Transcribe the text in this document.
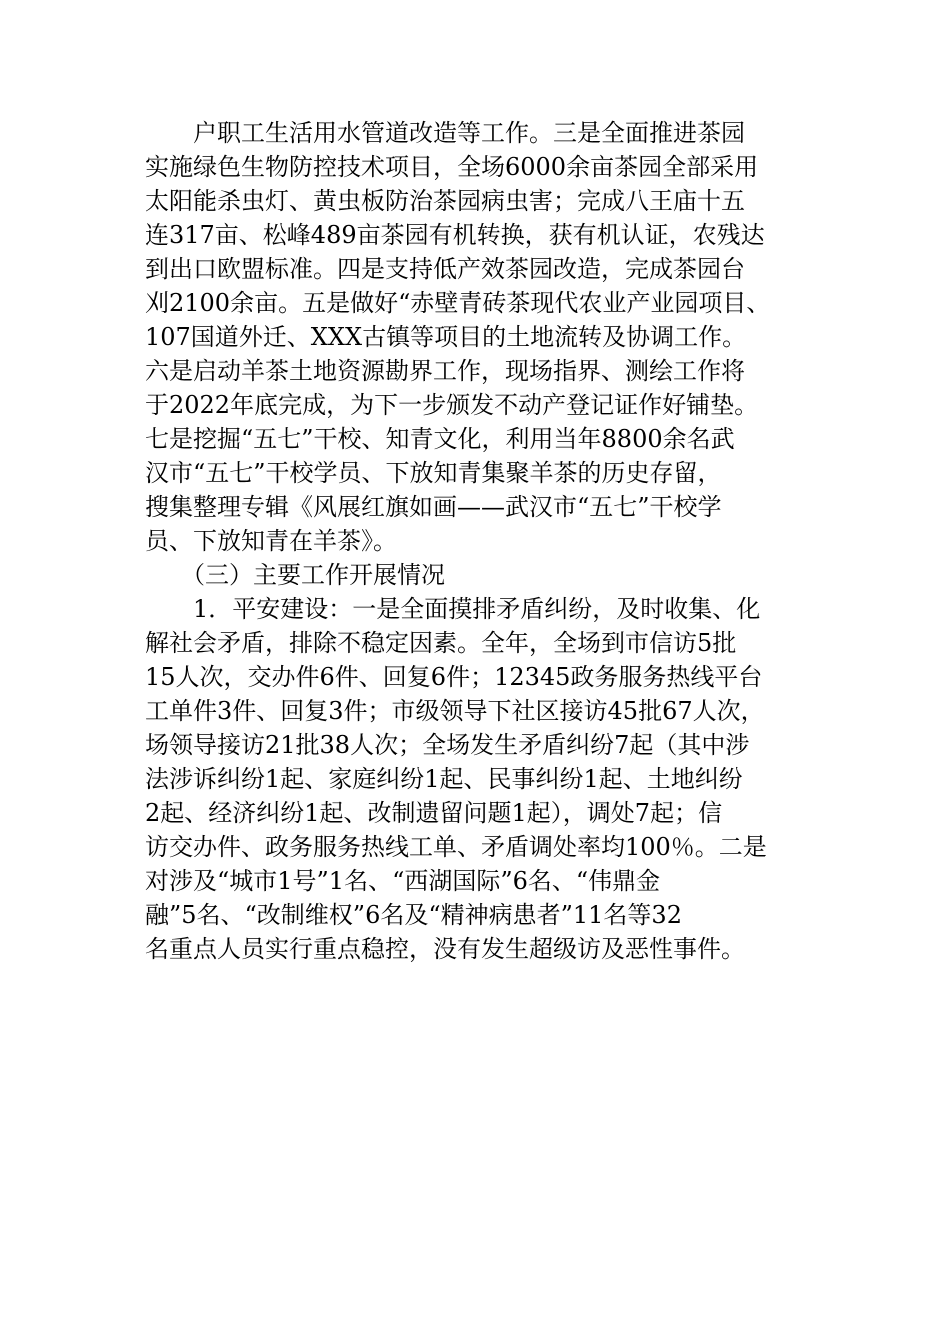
　　户职工生活用水管道改造等工作。三是全面推进茶园
实施绿色生物防控技术项目，全场6000余亩茶园全部采用
太阳能杀虫灯、黄虫板防治茶园病虫害；完成八王庙十五
连317亩、松峰489亩茶园有机转换，获有机认证，农残达
到出口欧盟标准。四是支持低产效茶园改造，完成茶园台
刈2100余亩。五是做好“赤壁青砖茶现代农业产业园项目、
107国道外迁、XXX古镇等项目的土地流转及协调工作。
六是启动羊茶土地资源勘界工作，现场指界、测绘工作将
于2022年底完成，为下一步颁发不动产登记证作好铺垫。
七是挖掘“五七”干校、知青文化，利用当年8800余名武
汉市“五七”干校学员、下放知青集聚羊茶的历史存留，
搜集整理专辑《风展红旗如画——武汉市“五七”干校学
员、下放知青在羊茶》。
　　（三）主要工作开展情况
　　1．平安建设：一是全面摸排矛盾纠纷，及时收集、化
解社会矛盾，排除不稳定因素。全年，全场到市信访5批
15人次，交办件6件、回复6件；12345政务服务热线平台
工单件3件、回复3件；市级领导下社区接访45批67人次，
场领导接访21批38人次；全场发生矛盾纠纷7起（其中涉
法涉诉纠纷1起、家庭纠纷1起、民事纠纷1起、土地纠纷
2起、经济纠纷1起、改制遗留问题1起），调处7起；信
访交办件、政务服务热线工单、矛盾调处率均100％。二是
对涉及“城市1号”1名、“西湖国际”6名、“伟鼎金
融”5名、“改制维权”6名及“精神病患者”11名等32
名重点人员实行重点稳控，没有发生超级访及恶性事件。
